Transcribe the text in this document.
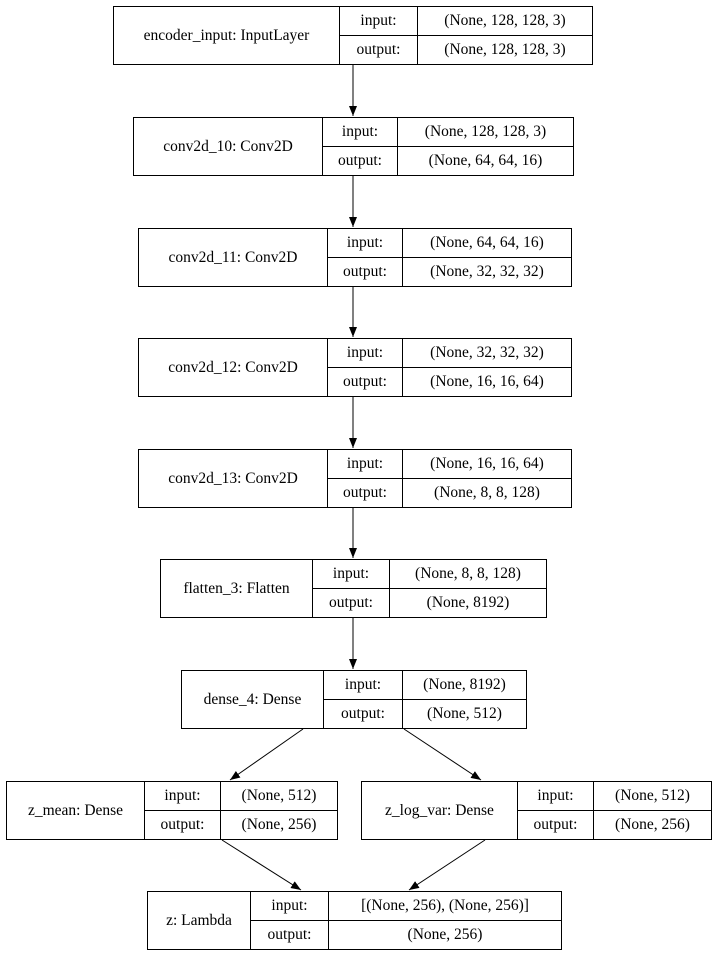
encoder_input: InputLayer
input:	(None, 128, 128, 3)
output:	(None, 128, 128, 3)
conv2d_10: Conv2D
input:	(None, 128, 128, 3)
output:	(None, 64, 64, 16)
conv2d_11: Conv2D
input:	(None, 64, 64, 16)
output:	(None, 32, 32, 32)
conv2d_12: Conv2D
input:	(None, 32, 32, 32)
output:	(None, 16, 16, 64)
conv2d_13: Conv2D
input:	(None, 16, 16, 64)
output:	(None, 8, 8, 128)
flatten_3: Flatten
input:	(None, 8, 8, 128)
output:	(None, 8192)
dense_4: Dense
input:	(None, 8192)
output:	(None, 512)
z_mean: Dense
input:	(None, 512)
output:	(None, 256)
z_log_var: Dense
input:	(None, 512)
output:	(None, 256)
z: Lambda
input:	[(None, 256), (None, 256)]
output:	(None, 256)
